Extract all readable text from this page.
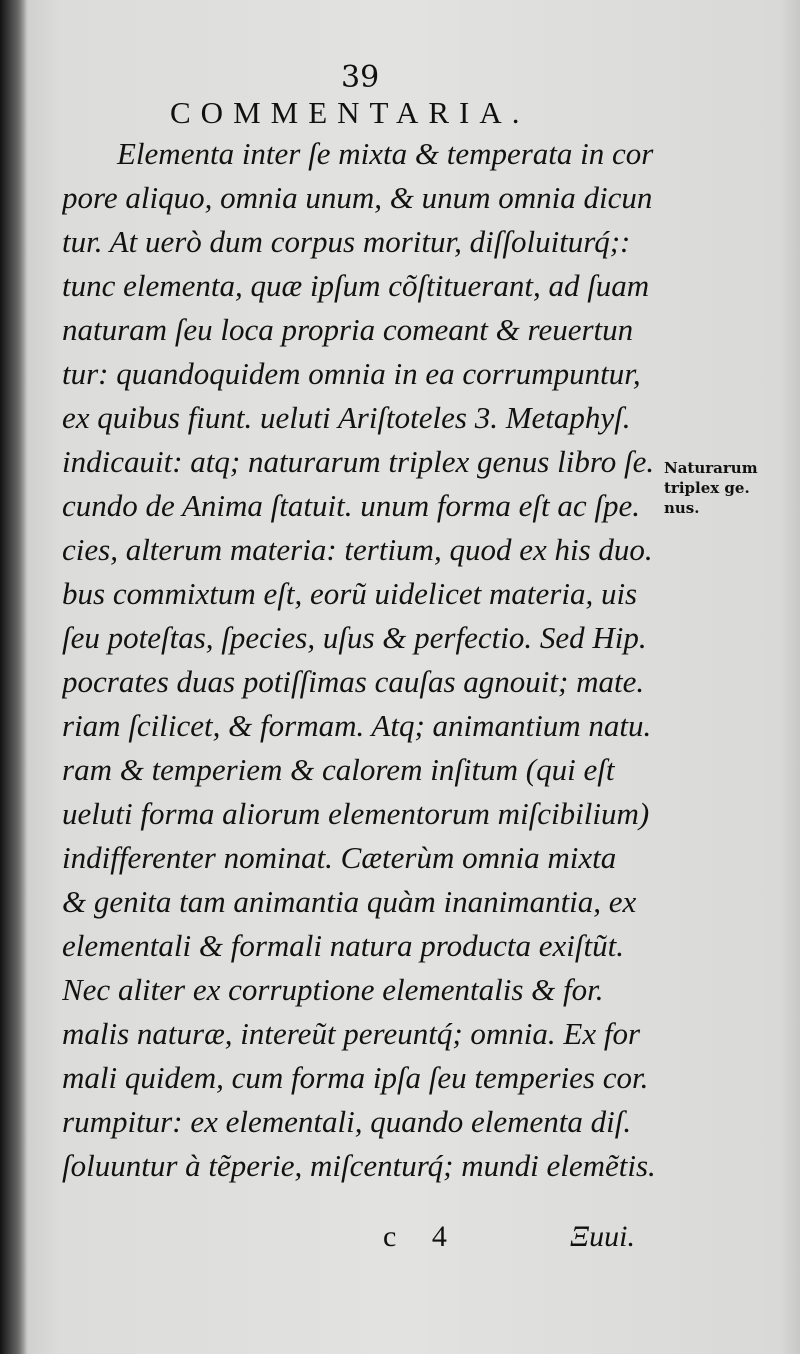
39
COMMENTARIA.
Elementa inter ſe mixta & temperata in cor
pore aliquo, omnia unum, & unum omnia dicun
tur. At uerò dum corpus moritur, diſſoluiturq́;:
tunc elementa, quæ ipſum cõſtituerant, ad ſuam
naturam ſeu loca propria comeant & reuertun
tur: quandoquidem omnia in ea corrumpuntur,
ex quibus fiunt. ueluti Ariſtoteles 3. Metaphyſ.
indicauit: atq; naturarum triplex genus libro ſe.
cundo de Anima ſtatuit. unum forma eſt ac ſpe.
cies, alterum materia: tertium, quod ex his duo.
bus commixtum eſt, eorũ uidelicet materia, uis
ſeu poteſtas, ſpecies, uſus & perfectio. Sed Hip.
pocrates duas potiſſimas cauſas agnouit; mate.
riam ſcilicet, & formam. Atq; animantium natu.
ram & temperiem & calorem inſitum (qui eſt
ueluti forma aliorum elementorum miſcibilium)
indifferenter nominat. Cæterùm omnia mixta
& genita tam animantia quàm inanimantia, ex
elementali & formali natura producta exiſtũt.
Nec aliter ex corruptione elementalis & for.
malis naturæ, intereũt pereuntq́; omnia. Ex for
mali quidem, cum forma ipſa ſeu temperies cor.
rumpitur: ex elementali, quando elementa diſ.
ſoluuntur à tẽperie, miſcenturq́; mundi elemẽtis.
Naturarum
triplex ge.
nus.
c 4	Ξuui.
